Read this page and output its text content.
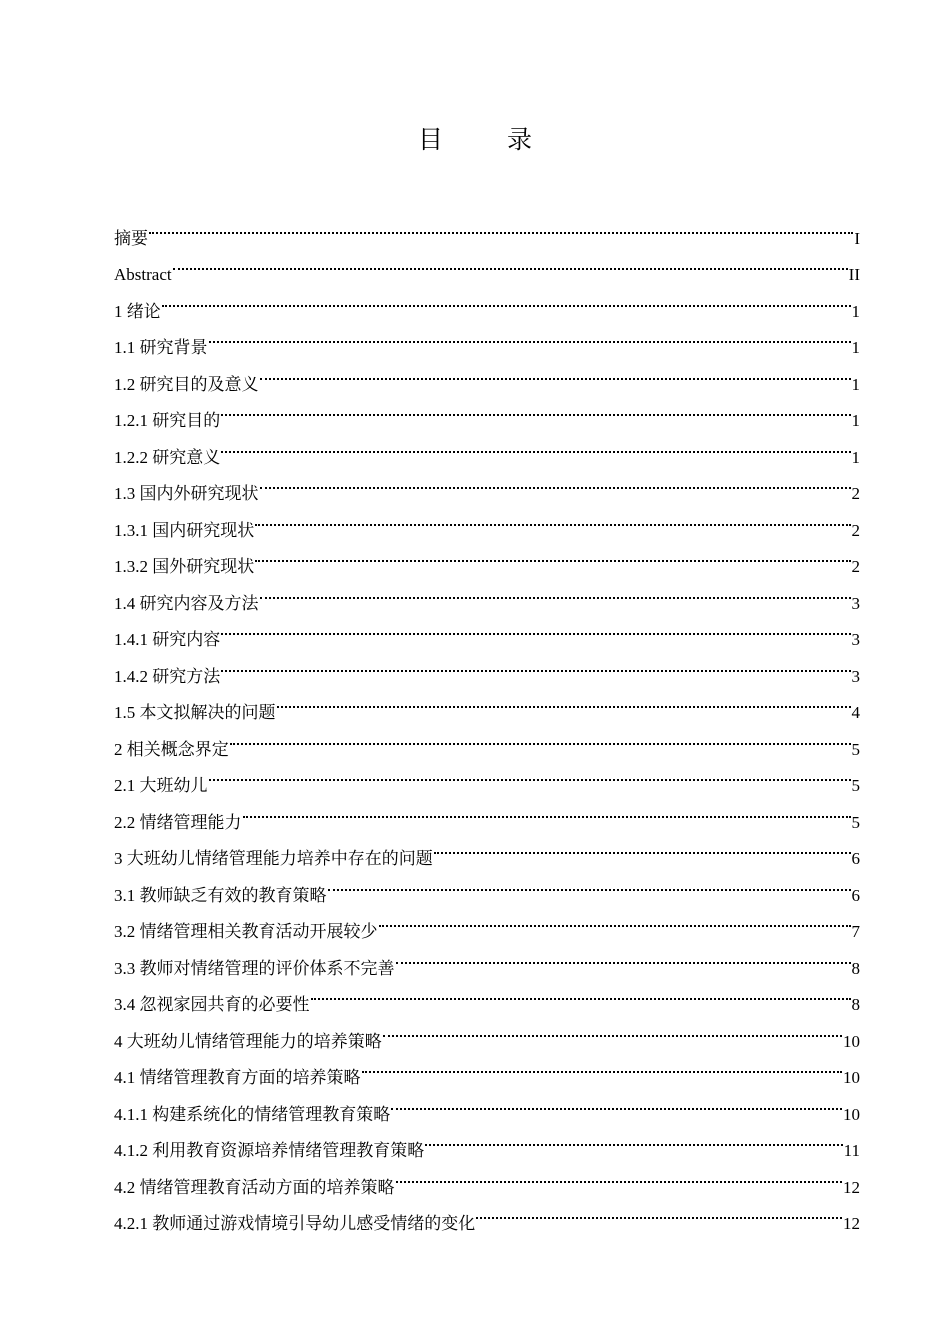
目 录
摘要	I
Abstract	II
1 绪论	1
1.1 研究背景	1
1.2 研究目的及意义	1
1.2.1 研究目的	1
1.2.2 研究意义	1
1.3 国内外研究现状	2
1.3.1 国内研究现状	2
1.3.2 国外研究现状	2
1.4 研究内容及方法	3
1.4.1 研究内容	3
1.4.2 研究方法	3
1.5 本文拟解决的问题	4
2 相关概念界定	5
2.1 大班幼儿	5
2.2 情绪管理能力	5
3 大班幼儿情绪管理能力培养中存在的问题	6
3.1 教师缺乏有效的教育策略	6
3.2 情绪管理相关教育活动开展较少	7
3.3 教师对情绪管理的评价体系不完善	8
3.4 忽视家园共育的必要性	8
4 大班幼儿情绪管理能力的培养策略	10
4.1 情绪管理教育方面的培养策略	10
4.1.1 构建系统化的情绪管理教育策略	10
4.1.2 利用教育资源培养情绪管理教育策略	11
4.2 情绪管理教育活动方面的培养策略	12
4.2.1 教师通过游戏情境引导幼儿感受情绪的变化	12
